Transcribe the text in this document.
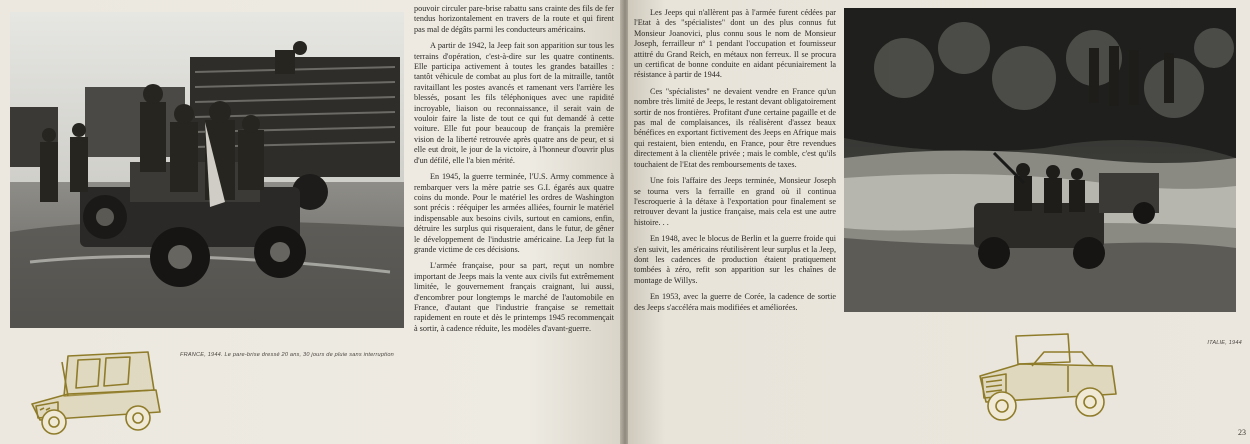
FRANCE, 1944. Le pare-brise dressé 20 ans, 30 jours de pluie sans interruption

pouvoir circuler pare-brise rabattu sans crainte des fils de fer tendus horizontalement en travers de la route et qui firent pas mal de dégâts parmi les conducteurs américains.

A partir de 1942, la Jeep fait son apparition sur tous les terrains d'opération, c'est-à-dire sur les quatre continents. Elle participa activement à toutes les grandes batailles : tantôt véhicule de combat au plus fort de la mitraille, tantôt ravitaillant les postes avancés et ramenant vers l'arrière les blessés, posant les fils téléphoniques avec une rapidité incroyable, liaison ou reconnaissance, il serait vain de vouloir faire la liste de tout ce qui fut demandé à cette voiture. Elle fut pour beaucoup de français la première vision de la liberté retrouvée après quatre ans de peur, et si elle eut droit, le jour de la victoire, à l'honneur d'ouvrir plus d'un défilé, elle l'a bien mérité.

En 1945, la guerre terminée, l'U.S. Army commence à rembarquer vers la mère patrie ses G.I. égarés aux quatre coins du monde. Pour le matériel les ordres de Washington sont précis : rééquiper les armées alliées, fournir le matériel indispensable aux besoins civils, surtout en camions, enfin, détruire les surplus qui risqueraient, dans le futur, de gêner le développement de l'industrie américaine. La Jeep fut la grande victime de ces décisions.

L'armée française, pour sa part, reçut un nombre important de Jeeps mais la vente aux civils fut extrêmement limitée, le gouvernement français craignant, lui aussi, d'encombrer pour longtemps le marché de l'automobile en France, d'autant que l'industrie française se remettait rapidement en route et dès le printemps 1945 recommençait à sortir, à cadence réduite, les modèles d'avant-guerre.

Les Jeeps qui n'allèrent pas à l'armée furent cédées par l'Etat à des "spécialistes" dont un des plus connus fut Monsieur Joanovici, plus connu sous le nom de Monsieur Joseph, ferrailleur nº 1 pendant l'occupation et fournisseur attitré du Grand Reich, en métaux non ferreux. Il se procura un certificat de bonne conduite en aidant pécuniairement la résistance à partir de 1944.

Ces "spécialistes" ne devaient vendre en France qu'un nombre très limité de Jeeps, le restant devant obligatoirement sortir de nos frontières. Profitant d'une certaine pagaille et de pas mal de complaisances, ils réalisèrent d'assez beaux bénéfices en exportant fictivement des Jeeps en Afrique mais qui restaient, bien entendu, en France, pour être revendues directement à la clientèle privée ; mais le comble, c'est qu'ils touchaient de l'Etat des remboursements de taxes.

Une fois l'affaire des Jeeps terminée, Monsieur Joseph se tourna vers la ferraille en grand où il continua l'escroquerie à la détaxe à l'exportation pour finalement se retrouver devant la justice française, mais cela est une autre histoire. . .

En 1948, avec le blocus de Berlin et la guerre froide qui s'en suivit, les américains réutilisèrent leur surplus et la Jeep, dont les cadences de production étaient pratiquement tombées à zéro, refit son apparition sur les chaînes de montage de Willys.

En 1953, avec la guerre de Corée, la cadence de sortie des Jeeps s'accéléra mais modifiées et améliorées.

ITALIE, 1944
23
